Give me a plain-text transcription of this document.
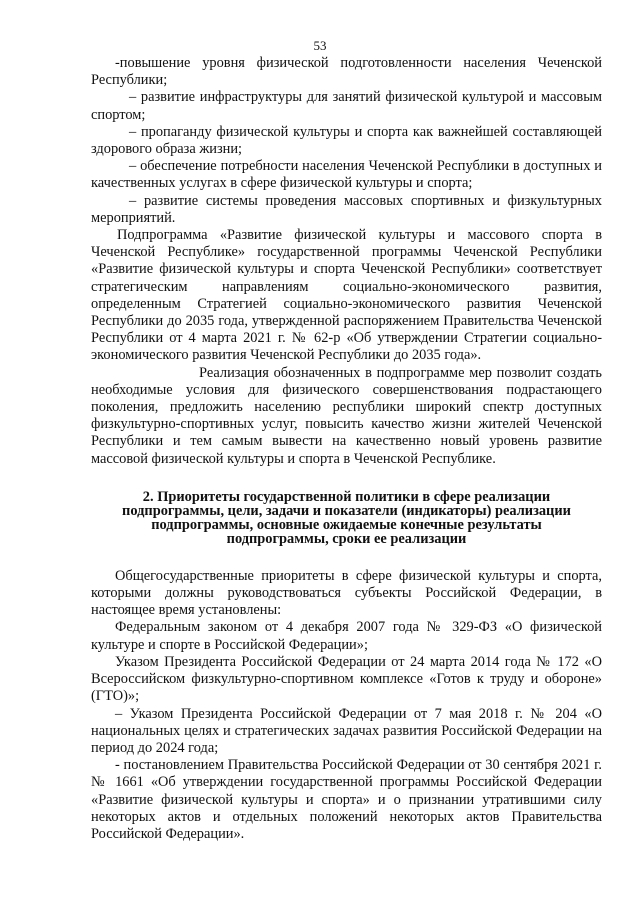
53

-повышение уровня физической подготовленности населения Чеченской Республики;

– развитие инфраструктуры для занятий физической культурой и массовым спортом;

– пропаганду физической культуры и спорта как важнейшей составляющей здорового образа жизни;

– обеспечение потребности населения Чеченской Республики в доступных и качественных услугах в сфере физической культуры и спорта;

– развитие системы проведения массовых спортивных и физкультурных мероприятий.

Подпрограмма «Развитие физической культуры и массового спорта в Чеченской Республике» государственной программы Чеченской Республики «Развитие физической культуры и спорта Чеченской Республики» соответствует стратегическим направлениям социально-экономического развития, определенным Стратегией социально-экономического развития Чеченской Республики до 2035 года, утвержденной распоряжением Правительства Чеченской Республики от 4 марта 2021 г. № 62-р «Об утверждении Стратегии социально-экономического развития Чеченской Республики до 2035 года».

Реализация обозначенных в подпрограмме мер позволит создать необходимые условия для физического совершенствования подрастающего поколения, предложить населению республики широкий спектр доступных физкультурно-спортивных услуг, повысить качество жизни жителей Чеченской Республики и тем самым вывести на качественно новый уровень развитие массовой физической культуры и спорта в Чеченской Республике.

2. Приоритеты государственной политики в сфере реализации подпрограммы, цели, задачи и показатели (индикаторы) реализации подпрограммы, основные ожидаемые конечные результаты подпрограммы, сроки ее реализации

Общегосударственные приоритеты в сфере физической культуры и спорта, которыми должны руководствоваться субъекты Российской Федерации, в настоящее время установлены:

Федеральным законом от 4 декабря 2007 года № 329-ФЗ «О физической культуре и спорте в Российской Федерации»;

Указом Президента Российской Федерации от 24 марта 2014 года № 172 «О Всероссийском физкультурно-спортивном комплексе «Готов к труду и обороне» (ГТО)»;

– Указом Президента Российской Федерации от 7 мая 2018 г. № 204 «О национальных целях и стратегических задачах развития Российской Федерации на период до 2024 года;

- постановлением Правительства Российской Федерации от 30 сентября 2021 г. № 1661 «Об утверждении государственной программы Российской Федерации «Развитие физической культуры и спорта» и о признании утратившими силу некоторых актов и отдельных положений некоторых актов Правительства Российской Федерации».
